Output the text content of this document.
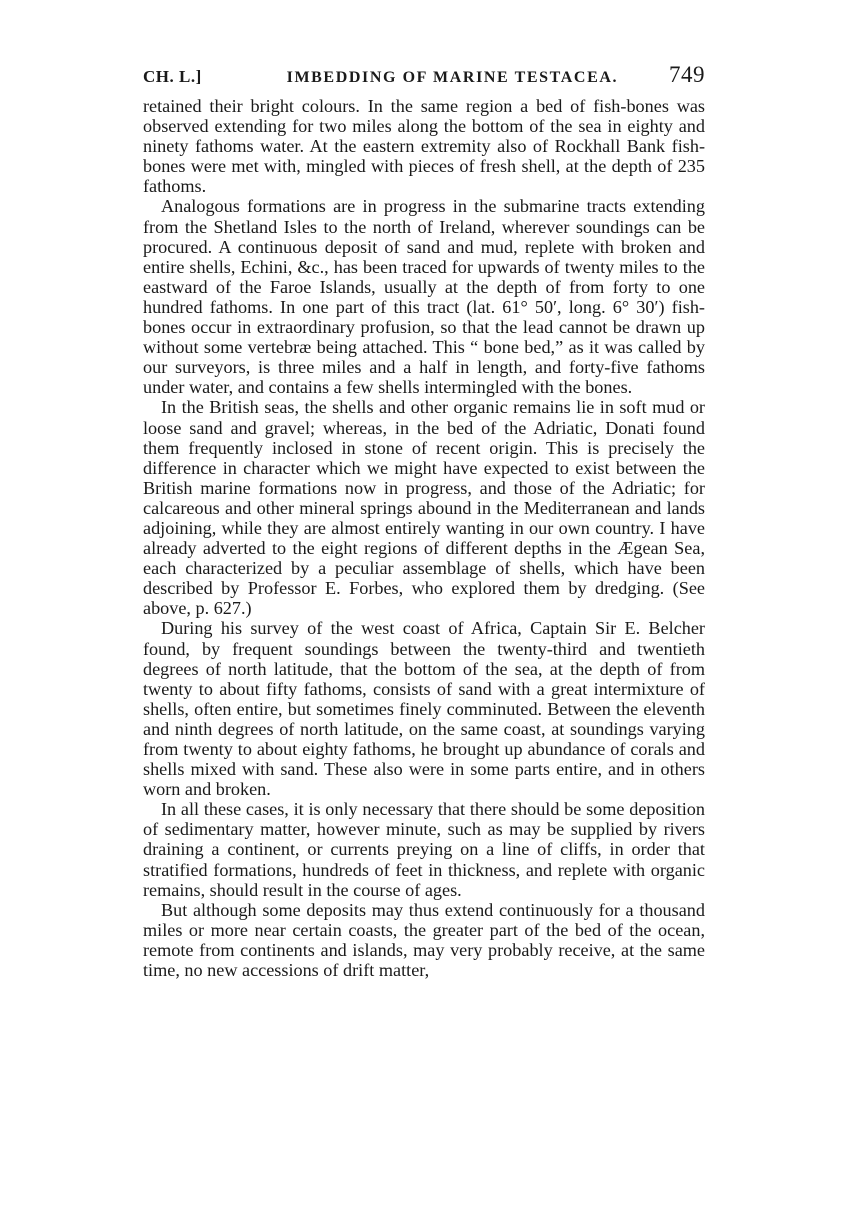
CH. L.]	IMBEDDING OF MARINE TESTACEA. 749

retained their bright colours. In the same region a bed of fish-bones was observed extending for two miles along the bottom of the sea in eighty and ninety fathoms water. At the eastern extremity also of Rockhall Bank fish-bones were met with, mingled with pieces of fresh shell, at the depth of 235 fathoms.

Analogous formations are in progress in the submarine tracts extending from the Shetland Isles to the north of Ireland, wherever soundings can be procured. A continuous deposit of sand and mud, replete with broken and entire shells, Echini, &c., has been traced for upwards of twenty miles to the eastward of the Faroe Islands, usually at the depth of from forty to one hundred fathoms. In one part of this tract (lat. 61° 50′, long. 6° 30′) fish-bones occur in extraordinary profusion, so that the lead cannot be drawn up without some vertebræ being attached. This “ bone bed,” as it was called by our surveyors, is three miles and a half in length, and forty-five fathoms under water, and contains a few shells intermingled with the bones.

In the British seas, the shells and other organic remains lie in soft mud or loose sand and gravel; whereas, in the bed of the Adriatic, Donati found them frequently inclosed in stone of recent origin. This is precisely the difference in character which we might have expected to exist between the British marine formations now in progress, and those of the Adriatic; for calcareous and other mineral springs abound in the Mediterranean and lands adjoining, while they are almost entirely wanting in our own country. I have already adverted to the eight regions of different depths in the Ægean Sea, each characterized by a peculiar assemblage of shells, which have been described by Professor E. Forbes, who explored them by dredging. (See above, p. 627.)

During his survey of the west coast of Africa, Captain Sir E. Belcher found, by frequent soundings between the twenty-third and twentieth degrees of north latitude, that the bottom of the sea, at the depth of from twenty to about fifty fathoms, consists of sand with a great intermixture of shells, often entire, but sometimes finely comminuted. Between the eleventh and ninth degrees of north latitude, on the same coast, at soundings varying from twenty to about eighty fathoms, he brought up abundance of corals and shells mixed with sand. These also were in some parts entire, and in others worn and broken.

In all these cases, it is only necessary that there should be some deposition of sedimentary matter, however minute, such as may be supplied by rivers draining a continent, or currents preying on a line of cliffs, in order that stratified formations, hundreds of feet in thickness, and replete with organic remains, should result in the course of ages.

But although some deposits may thus extend continuously for a thousand miles or more near certain coasts, the greater part of the bed of the ocean, remote from continents and islands, may very probably receive, at the same time, no new accessions of drift matter,
